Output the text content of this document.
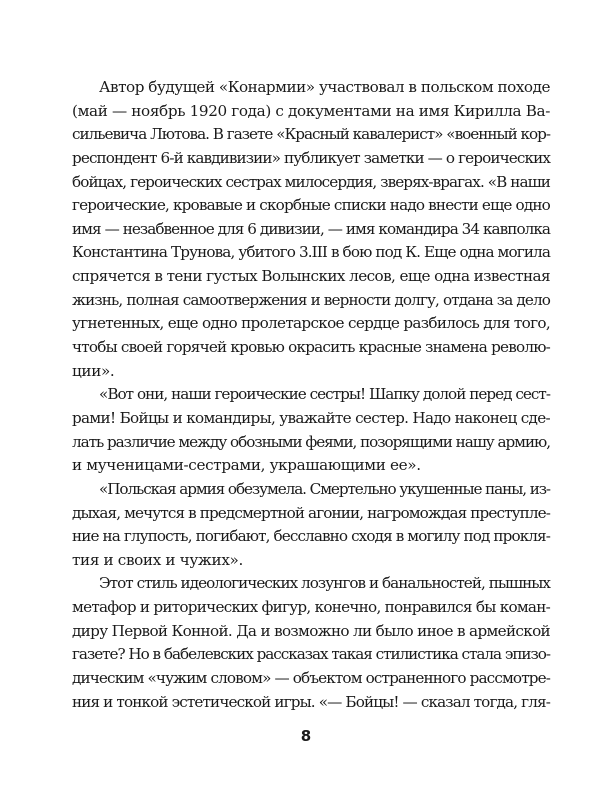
Автор будущей «Конармии» участвовал в польском походе
(май — ноябрь 1920 года) с документами на имя Кирилла Ва-
сильевича Лютова. В газете «Красный кавалерист» «военный кор-
респондент 6-й кавдивизии» публикует заметки — о героических
бойцах, героических сестрах милосердия, зверях-врагах. «В наши
героические, кровавые и скорбные списки надо внести еще одно
имя — незабвенное для 6 дивизии, — имя командира 34 кавполка
Константина Трунова, убитого 3.III в бою под К. Еще одна могила
спрячется в тени густых Волынских лесов, еще одна известная
жизнь, полная самоотвержения и верности долгу, отдана за дело
угнетенных, еще одно пролетарское сердце разбилось для того,
чтобы своей горячей кровью окрасить красные знамена револю-
ции».
«Вот они, наши героические сестры! Шапку долой перед сест-
рами! Бойцы и командиры, уважайте сестер. Надо наконец сде-
лать различие между обозными феями, позорящими нашу армию,
и мученицами-сестрами, украшающими ее».
«Польская армия обезумела. Смертельно укушенные паны, из-
дыхая, мечутся в предсмертной агонии, нагромождая преступле-
ние на глупость, погибают, бесславно сходя в могилу под прокля-
тия и своих и чужих».
Этот стиль идеологических лозунгов и банальностей, пышных
метафор и риторических фигур, конечно, понравился бы коман-
диру Первой Конной. Да и возможно ли было иное в армейской
газете? Но в бабелевских рассказах такая стилистика стала эпизо-
дическим «чужим словом» — объектом остраненного рассмотре-
ния и тонкой эстетической игры. «— Бойцы! — сказал тогда, гля-
8
